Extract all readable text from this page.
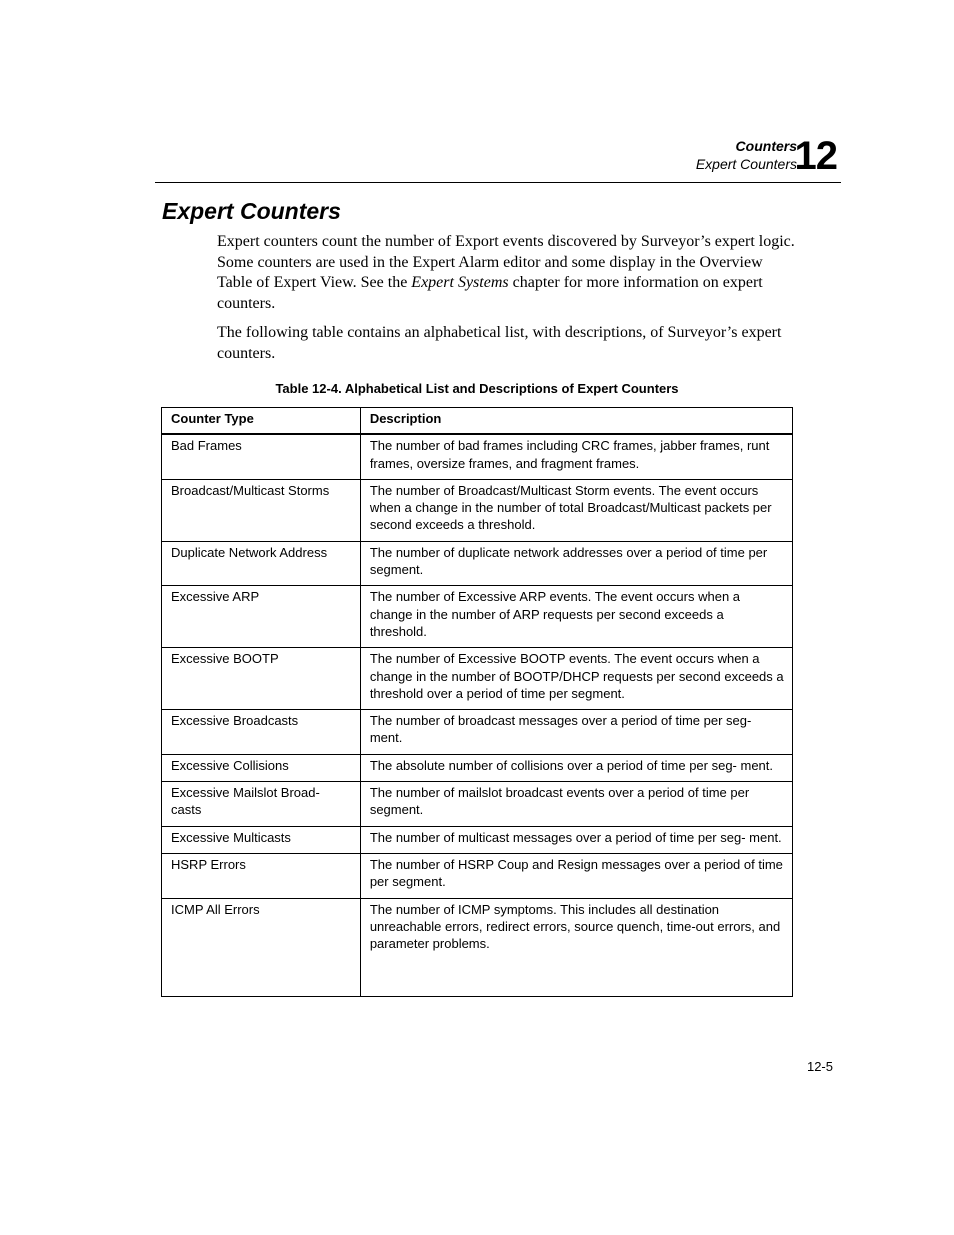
Counters
Expert Counters
12
Expert Counters

Expert counters count the number of Export events discovered by Surveyor’s expert logic. Some counters are used in the Expert Alarm editor and some display in the Overview Table of Expert View. See the Expert Systems chapter for more information on expert counters.

The following table contains an alphabetical list, with descriptions, of Surveyor’s expert counters.

Table 12-4. Alphabetical List and Descriptions of Expert Counters
Counter Type	Description
Bad Frames	The number of bad frames including CRC frames, jabber frames, runt frames, oversize frames, and fragment frames.
Broadcast/Multicast Storms	The number of Broadcast/Multicast Storm events. The event occurs when a change in the number of total Broadcast/Multicast packets per second exceeds a threshold.
Duplicate Network Address	The number of duplicate network addresses over a period of time per segment.
Excessive ARP	The number of Excessive ARP events. The event occurs when a change in the number of ARP requests per second exceeds a threshold.
Excessive BOOTP	The number of Excessive BOOTP events. The event occurs when a change in the number of BOOTP/DHCP requests per second exceeds a threshold over a period of time per segment.
Excessive Broadcasts	The number of broadcast messages over a period of time per seg- ment.
Excessive Collisions	The absolute number of collisions over a period of time per seg- ment.
Excessive Mailslot Broad- casts	The number of mailslot broadcast events over a period of time per segment.
Excessive Multicasts	The number of multicast messages over a period of time per seg- ment.
HSRP Errors	The number of HSRP Coup and Resign messages over a period of time per segment.
ICMP All Errors	The number of ICMP symptoms. This includes all destination unreachable errors, redirect errors, source quench, time-out errors, and parameter problems.
12-5
